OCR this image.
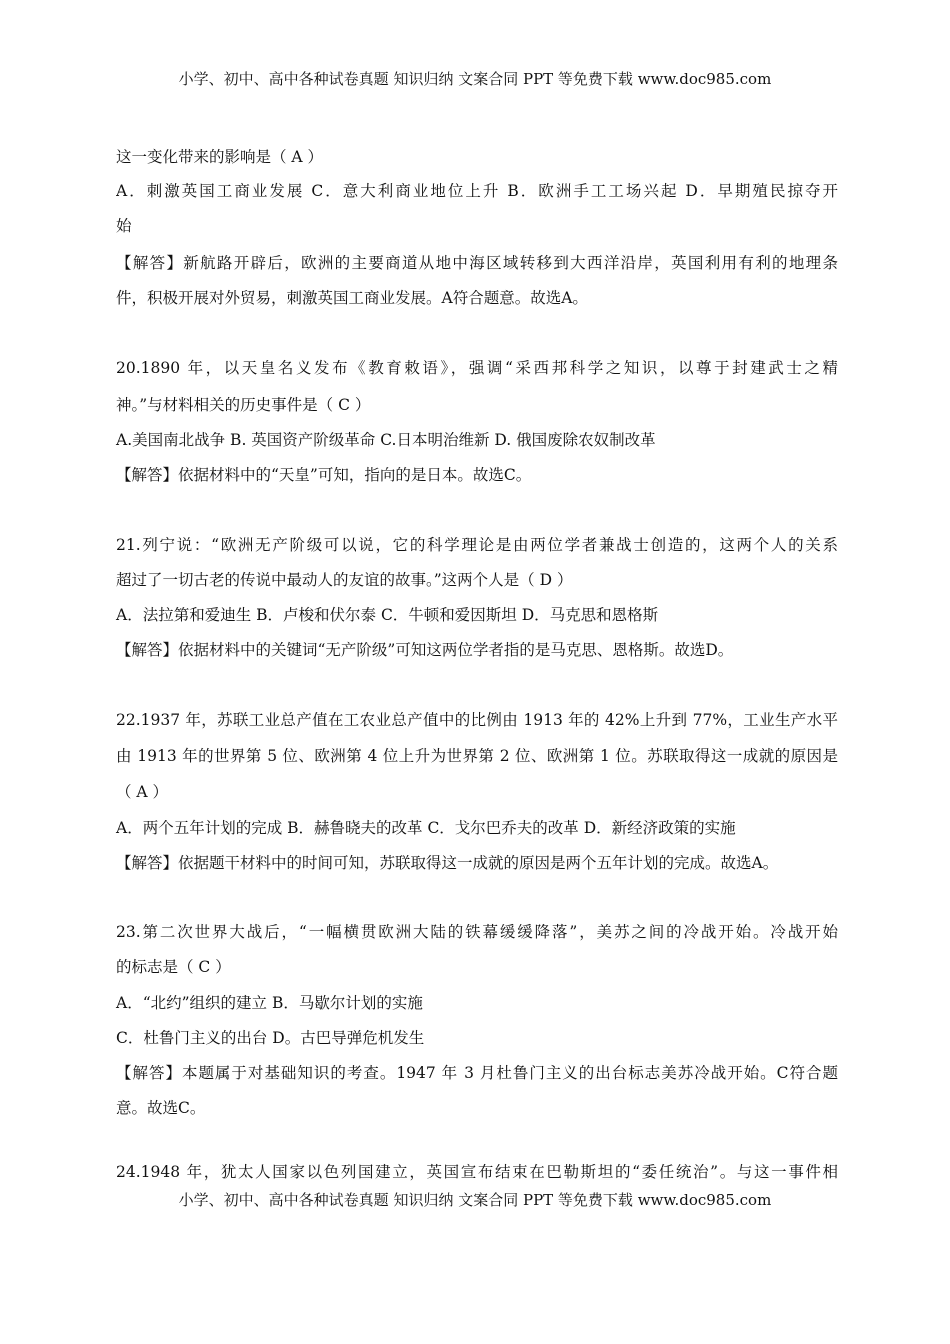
小学、初中、高中各种试卷真题 知识归纳 文案合同 PPT 等免费下载 www.doc985.com
这一变化带来的影响是（ A ）
A．刺激英国工商业发展 C．意大利商业地位上升 B．欧洲手工工场兴起 D．早期殖民掠夺开
始
【解答】新航路开辟后，欧洲的主要商道从地中海区域转移到大西洋沿岸，英国利用有利的地理条
件，积极开展对外贸易，刺激英国工商业发展。A符合题意。故选A。
20.1890 年，以天皇名义发布《教育敕语》，强调“采西邦科学之知识，以尊于封建武士之精
神。”与材料相关的历史事件是（ C ）
A.美国南北战争 B. 英国资产阶级革命 C.日本明治维新 D. 俄国废除农奴制改革
【解答】依据材料中的“天皇”可知，指向的是日本。故选C。
21.列宁说：“欧洲无产阶级可以说，它的科学理论是由两位学者兼战士创造的，这两个人的关系
超过了一切古老的传说中最动人的友谊的故事。”这两个人是（ D ）
A．法拉第和爱迪生 B．卢梭和伏尔泰 C．牛顿和爱因斯坦 D．马克思和恩格斯
【解答】依据材料中的关键词“无产阶级”可知这两位学者指的是马克思、恩格斯。故选D。
22.1937 年，苏联工业总产值在工农业总产值中的比例由 1913 年的 42%上升到 77%，工业生产水平
由 1913 年的世界第 5 位、欧洲第 4 位上升为世界第 2 位、欧洲第 1 位。苏联取得这一成就的原因是
（ A ）
A．两个五年计划的完成 B．赫鲁晓夫的改革 C．戈尔巴乔夫的改革 D．新经济政策的实施
【解答】依据题干材料中的时间可知，苏联取得这一成就的原因是两个五年计划的完成。故选A。
23.第二次世界大战后，“一幅横贯欧洲大陆的铁幕缓缓降落”，美苏之间的冷战开始。冷战开始
的标志是（ C ）
A．“北约”组织的建立 B．马歇尔计划的实施
C．杜鲁门主义的出台 D。古巴导弹危机发生
【解答】本题属于对基础知识的考查。1947 年 3 月杜鲁门主义的出台标志美苏冷战开始。C符合题
意。故选C。
24.1948 年，犹太人国家以色列国建立，英国宣布结束在巴勒斯坦的“委任统治”。与这一事件相
小学、初中、高中各种试卷真题 知识归纳 文案合同 PPT 等免费下载 www.doc985.com
